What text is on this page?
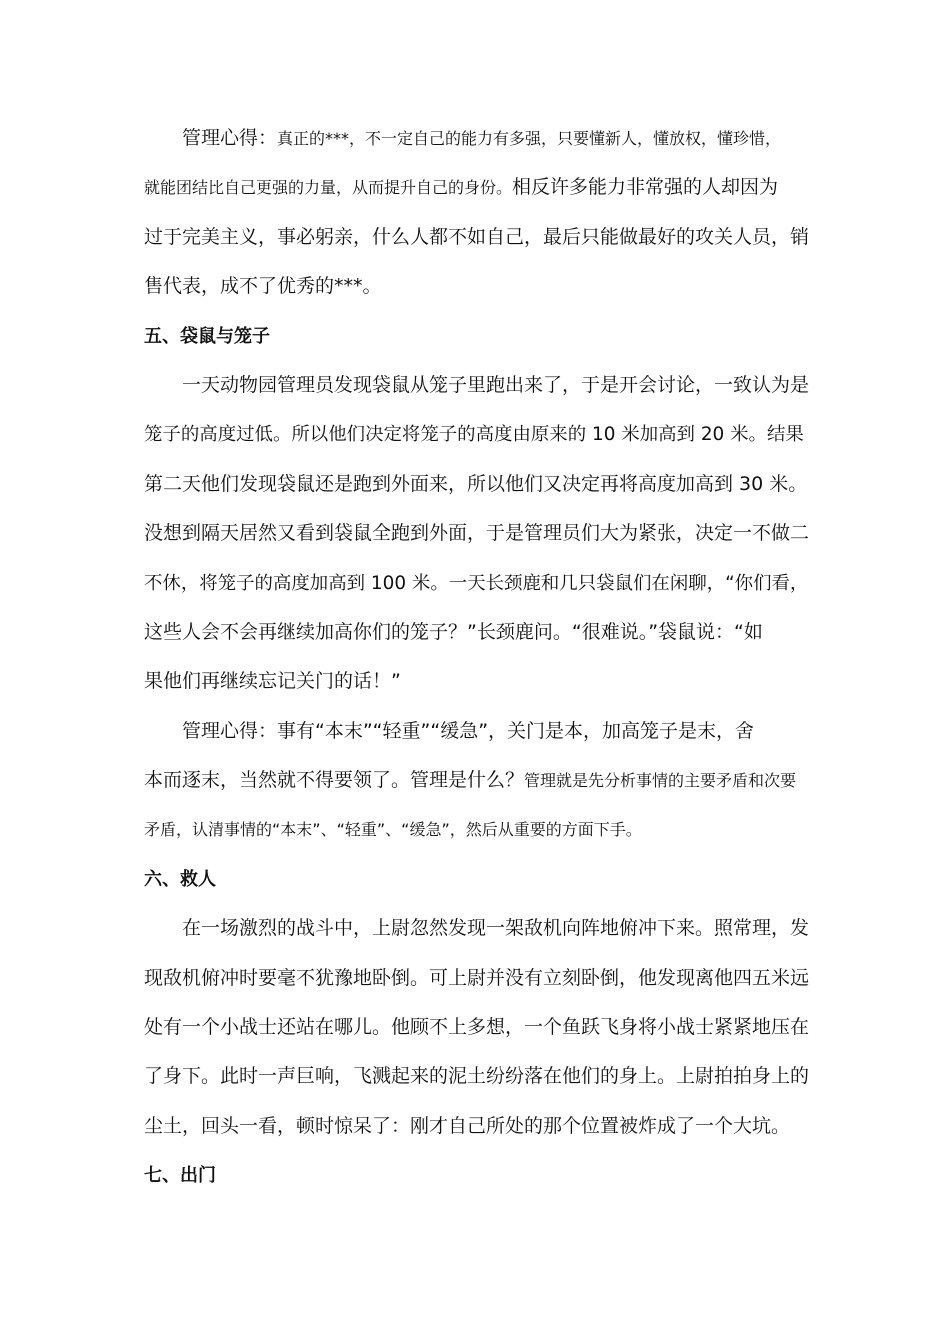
管理心得：真正的***，不一定自己的能力有多强，只要懂新人，懂放权，懂珍惜，
就能团结比自己更强的力量，从而提升自己的身份。相反许多能力非常强的人却因为
过于完美主义，事必躬亲，什么人都不如自己，最后只能做最好的攻关人员，销
售代表，成不了优秀的***。
五、袋鼠与笼子
一天动物园管理员发现袋鼠从笼子里跑出来了，于是开会讨论，一致认为是
笼子的高度过低。所以他们决定将笼子的高度由原来的 10 米加高到 20 米。结果
第二天他们发现袋鼠还是跑到外面来，所以他们又决定再将高度加高到 30 米。
没想到隔天居然又看到袋鼠全跑到外面，于是管理员们大为紧张，决定一不做二
不休，将笼子的高度加高到 100 米。一天长颈鹿和几只袋鼠们在闲聊，“你们看，
这些人会不会再继续加高你们的笼子？”长颈鹿问。“很难说。”袋鼠说：“如
果他们再继续忘记关门的话！”
管理心得：事有“本末”“轻重”“缓急”，关门是本，加高笼子是末，舍
本而逐末，当然就不得要领了。管理是什么？管理就是先分析事情的主要矛盾和次要
矛盾，认清事情的“本末”、“轻重”、“缓急”，然后从重要的方面下手。
六、救人
在一场激烈的战斗中，上尉忽然发现一架敌机向阵地俯冲下来。照常理，发
现敌机俯冲时要毫不犹豫地卧倒。可上尉并没有立刻卧倒，他发现离他四五米远
处有一个小战士还站在哪儿。他顾不上多想，一个鱼跃飞身将小战士紧紧地压在
了身下。此时一声巨响，飞溅起来的泥土纷纷落在他们的身上。上尉拍拍身上的
尘土，回头一看，顿时惊呆了：刚才自己所处的那个位置被炸成了一个大坑。
七、出门
